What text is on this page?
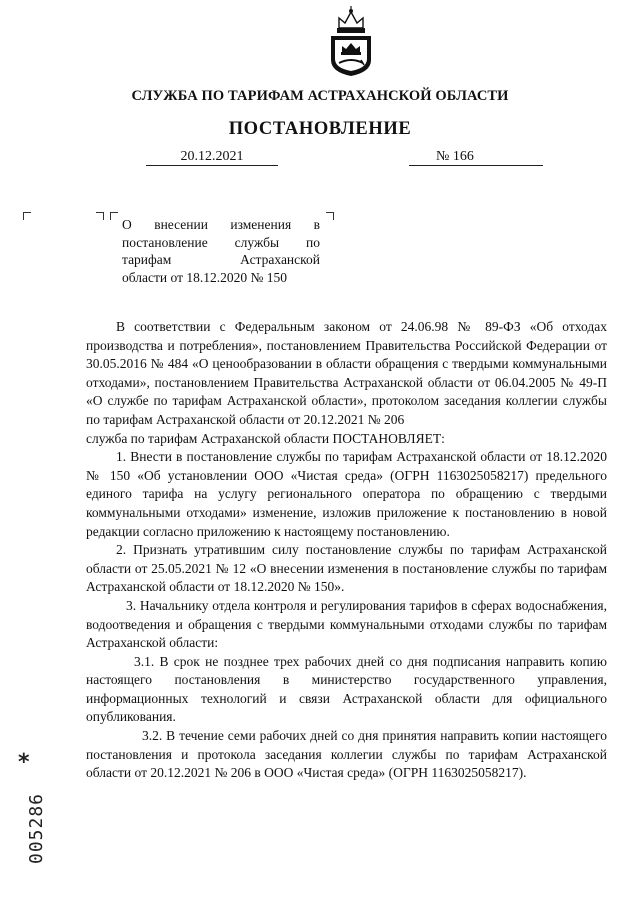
СЛУЖБА ПО ТАРИФАМ АСТРАХАНСКОЙ ОБЛАСТИ
ПОСТАНОВЛЕНИЕ
20.12.2021	№ 166
О внесении изменения в
постановление службы по
тарифам Астраханской
области от 18.12.2020 № 150

В соответствии с Федеральным законом от 24.06.98 № 89-ФЗ «Об отходах производства и потребления», постановлением Правительства Российской Федерации от 30.05.2016 № 484 «О ценообразовании в области обращения с твердыми коммунальными отходами», постановлением Правительства Астраханской области от 06.04.2005 № 49-П «О службе по тарифам Астраханской области», протоколом заседания коллегии службы по тарифам Астраханской области от 20.12.2021 № 206

служба по тарифам Астраханской области ПОСТАНОВЛЯЕТ:

1. Внести в постановление службы по тарифам Астраханской области от 18.12.2020 № 150 «Об установлении ООО «Чистая среда» (ОГРН 1163025058217) предельного единого тарифа на услугу регионального оператора по обращению с твердыми коммунальными отходами» изменение, изложив приложение к постановлению в новой редакции согласно приложению к настоящему постановлению.

2. Признать утратившим силу постановление службы по тарифам Астраханской области от 25.05.2021 № 12 «О внесении изменения в постановление службы по тарифам Астраханской области от 18.12.2020 № 150».

3. Начальнику отдела контроля и регулирования тарифов в сферах водоснабжения, водоотведения и обращения с твердыми коммунальными отходами службы по тарифам Астраханской области:

3.1. В срок не позднее трех рабочих дней со дня подписания направить копию настоящего постановления в министерство государственного управления, информационных технологий и связи Астраханской области для официального опубликования.

3.2. В течение семи рабочих дней со дня принятия направить копии настоящего постановления и протокола заседания коллегии службы по тарифам Астраханской области от 20.12.2021 № 206 в ООО «Чистая среда» (ОГРН 1163025058217).

*
005286
